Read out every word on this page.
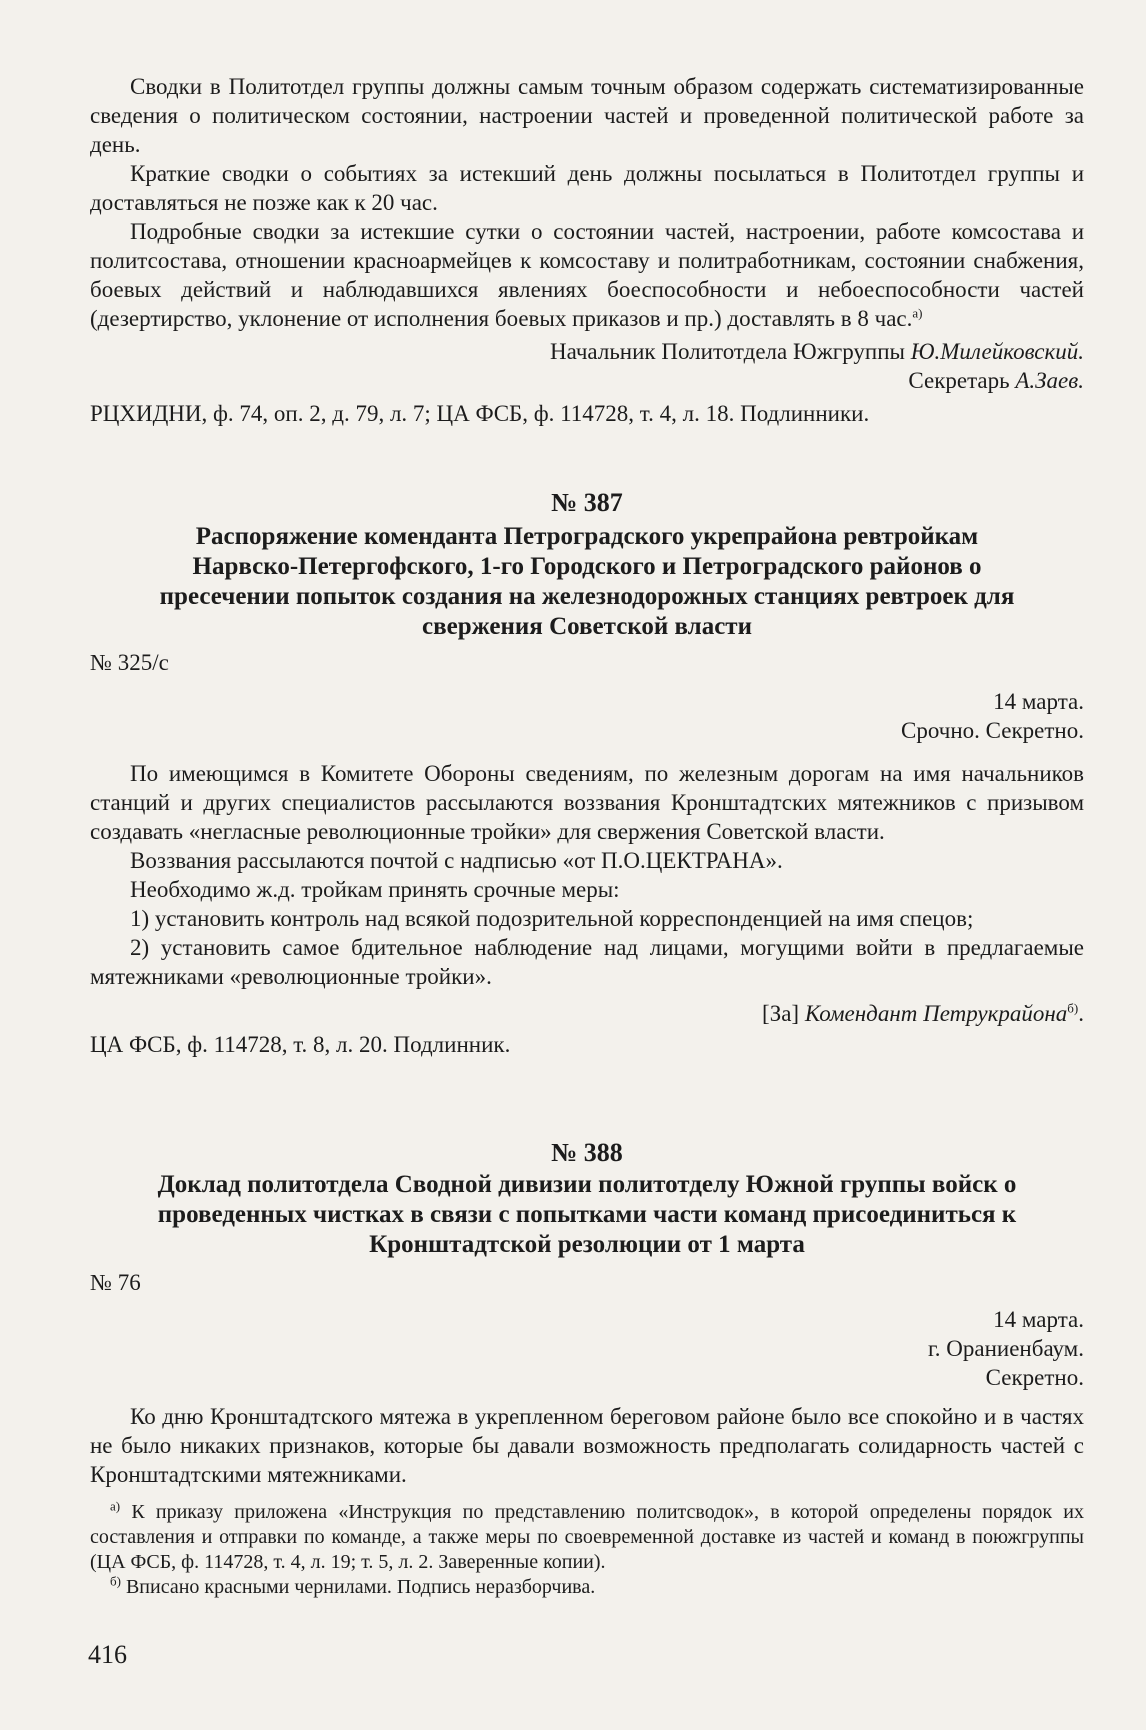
Сводки в Политотдел группы должны самым точным образом содержать систематизированные сведения о политическом состоянии, настроении частей и проведенной политической работе за день.

Краткие сводки о событиях за истекший день должны посылаться в Политотдел группы и доставляться не позже как к 20 час.

Подробные сводки за истекшие сутки о состоянии частей, настроении, работе комсостава и политсостава, отношении красноармейцев к комсоставу и политработникам, состоянии снабжения, боевых действий и наблюдавшихся явлениях боеспособности и небоеспособности частей (дезертирство, уклонение от исполнения боевых приказов и пр.) доставлять в 8 час.$^{а)}$

Начальник Политотдела Южгруппы Ю.Милейковский.

Секретарь А.Заев.

РЦХИДНИ, ф. 74, оп. 2, д. 79, л. 7; ЦА ФСБ, ф. 114728, т. 4, л. 18. Подлинники.

№ 387
Распоряжение коменданта Петроградского укрепрайона ревтройкам Нарвско-Петергофского, 1-го Городского и Петроградского районов о пресечении попыток создания на железнодорожных станциях ревтроек для свержения Советской власти

№ 325/с

14 марта.

Срочно. Секретно.

По имеющимся в Комитете Обороны сведениям, по железным дорогам на имя начальников станций и других специалистов рассылаются воззвания Кронштадтских мятежников с призывом создавать «негласные революционные тройки» для свержения Советской власти.

Воззвания рассылаются почтой с надписью «от П.О.ЦЕКТРАНА».

Необходимо ж.д. тройкам принять срочные меры:

1) установить контроль над всякой подозрительной корреспонденцией на имя спецов;

2) установить самое бдительное наблюдение над лицами, могущими войти в предлагаемые мятежниками «революционные тройки».

[За] Комендант Петрукрайона$^{б)}$.

ЦА ФСБ, ф. 114728, т. 8, л. 20. Подлинник.

№ 388
Доклад политотдела Сводной дивизии политотделу Южной группы войск о проведенных чистках в связи с попытками части команд присоединиться к Кронштадтской резолюции от 1 марта

№ 76

14 марта.

г. Ораниенбаум.

Секретно.

Ко дню Кронштадтского мятежа в укрепленном береговом районе было все спокойно и в частях не было никаких признаков, которые бы давали возможность предполагать солидарность частей с Кронштадтскими мятежниками.

$^{а)}$ К приказу приложена «Инструкция по представлению политсводок», в которой определены порядок их составления и отправки по команде, а также меры по своевременной доставке из частей и команд в поюжгруппы (ЦА ФСБ, ф. 114728, т. 4, л. 19; т. 5, л. 2. Заверенные копии).
$^{б)}$ Вписано красными чернилами. Подпись неразборчива.
416
